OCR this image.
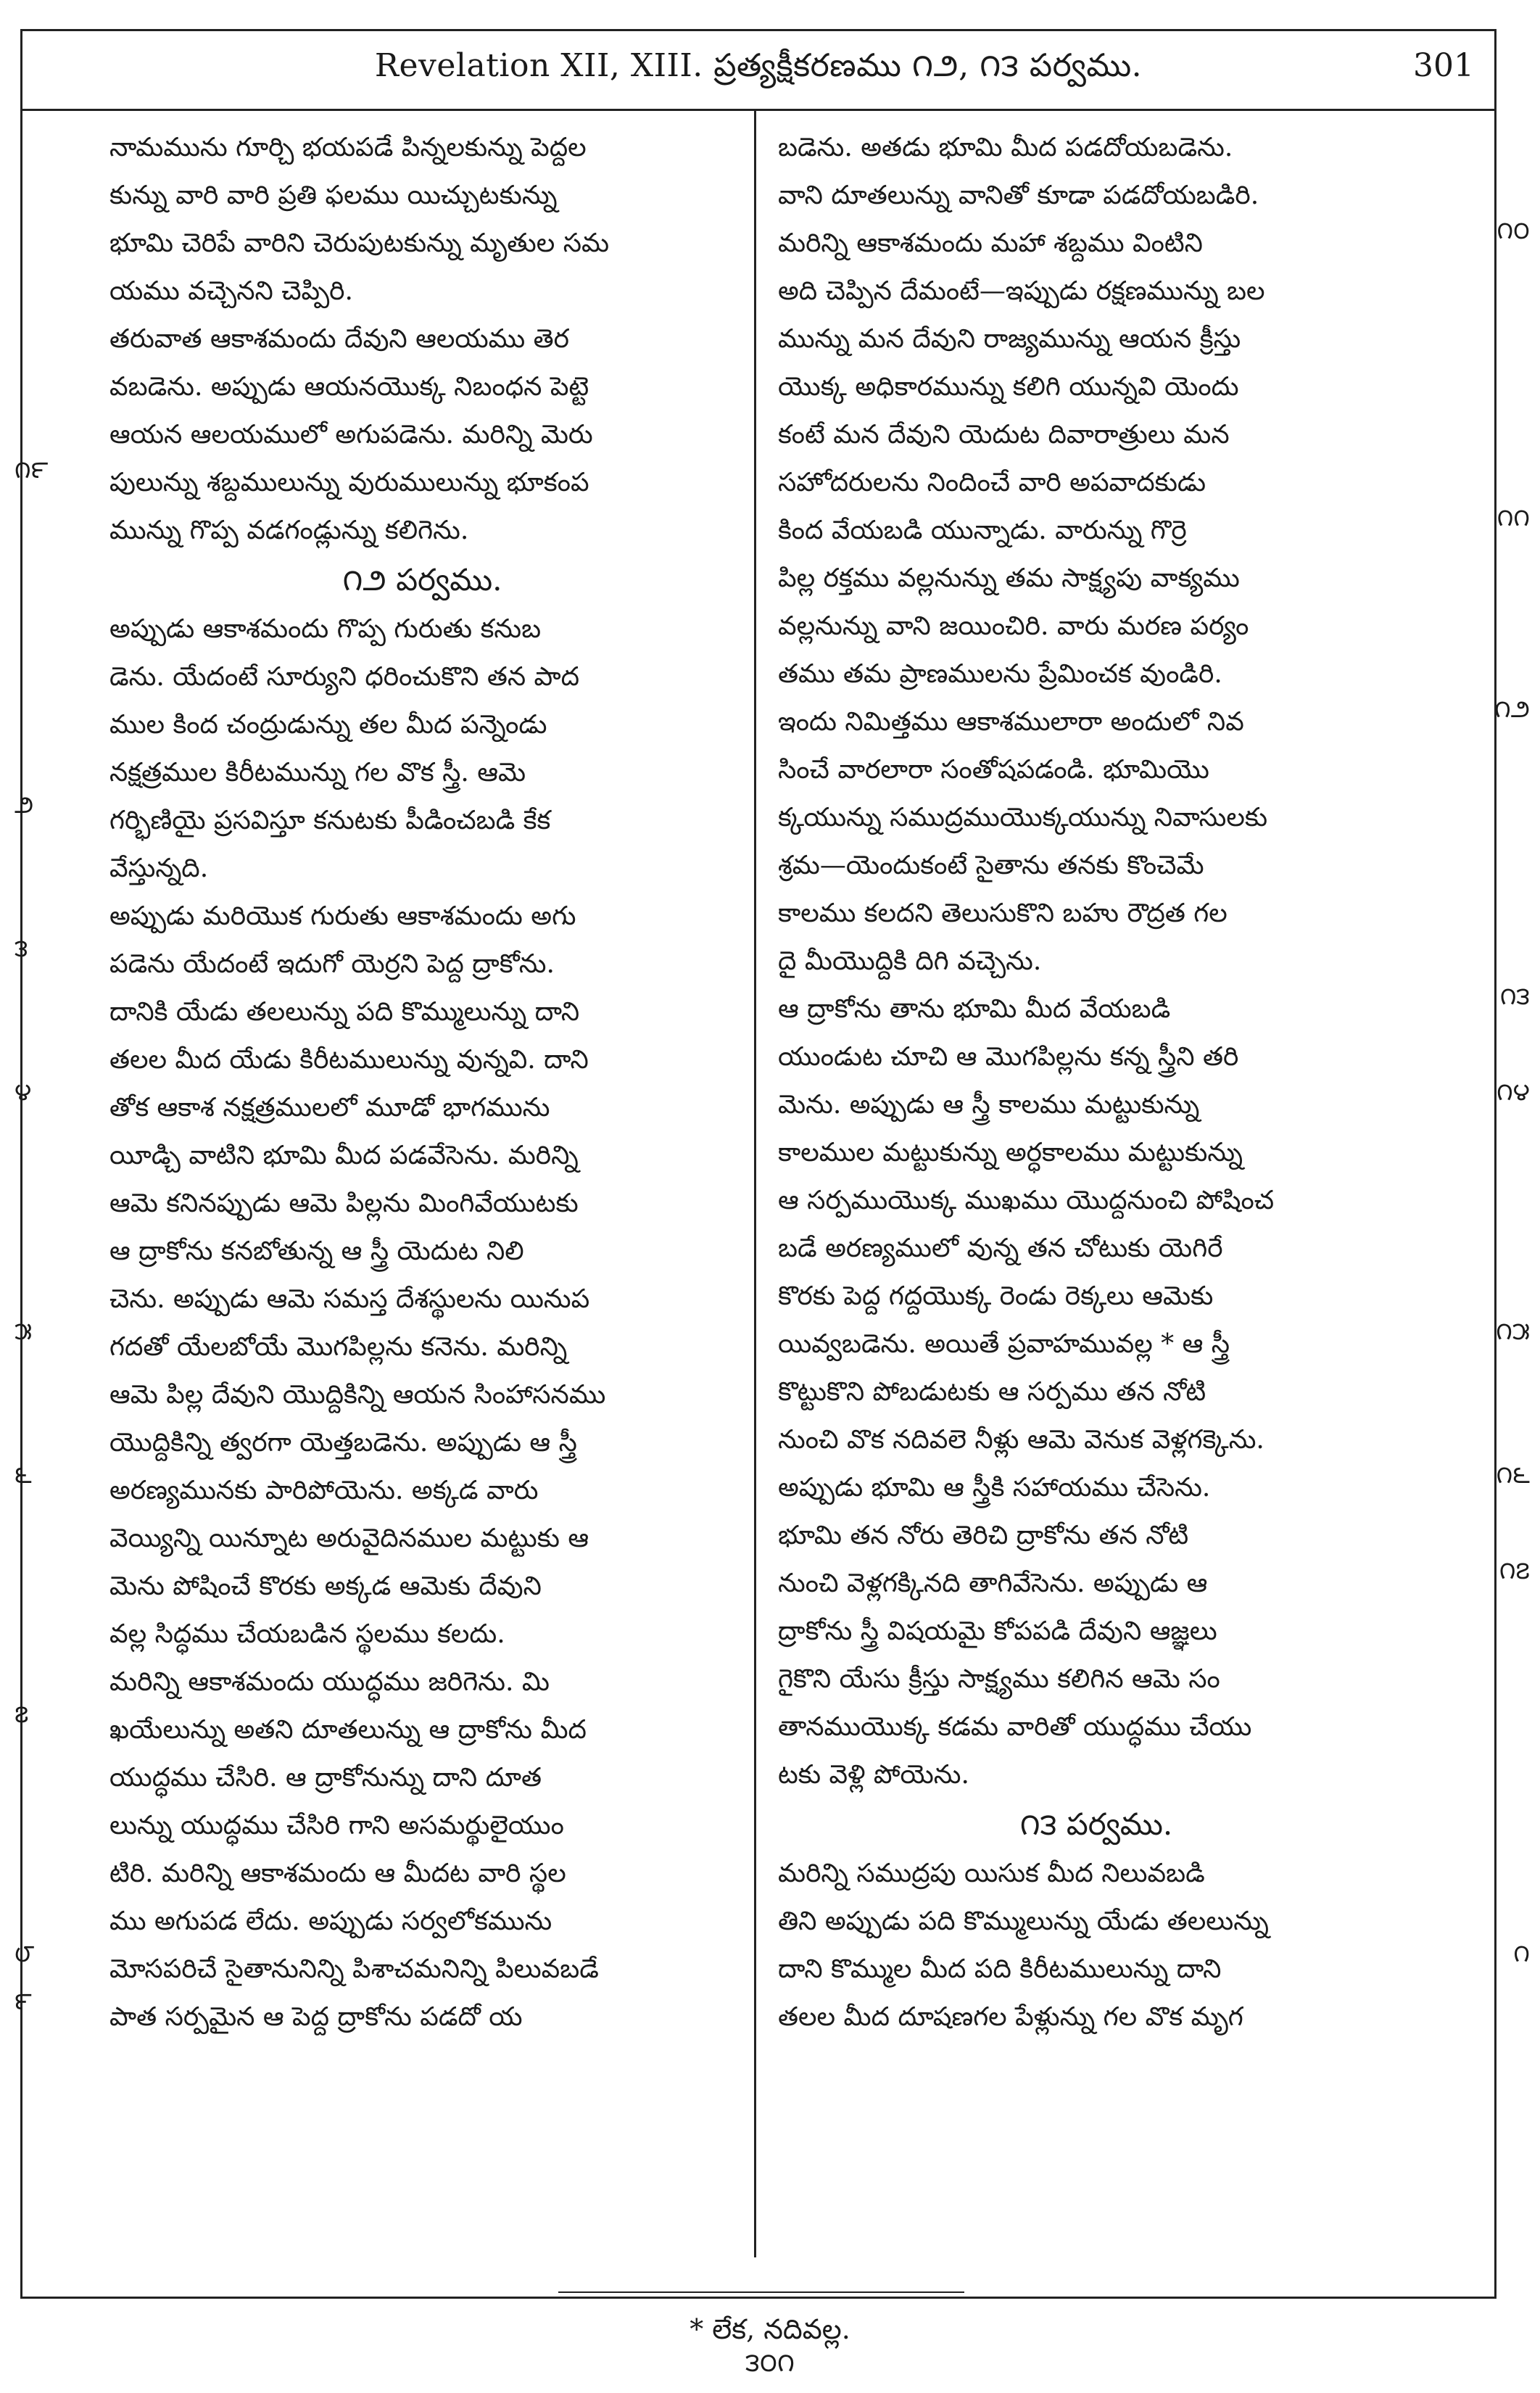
Revelation XII, XIII. ప్రత్యక్షీకరణము ౧౨, ౧౩ పర్వము.	301
నామమును గూర్చి భయపడే పిన్నలకున్ను పెద్దల
కున్ను వారి వారి ప్రతి ఫలము యిచ్చుటకున్ను
భూమి చెరిపే వారిని చెరుపుటకున్ను మృతుల సమ
యము వచ్చెనని చెప్పిరి.
తరువాత ఆకాశమందు దేవుని ఆలయము తెర
వబడెను. అప్పుడు ఆయనయొక్క నిబంధన పెట్టె
ఆయన ఆలయములో అగుపడెను. మరిన్ని మెరు
పులున్ను శబ్దములున్ను వురుములున్ను భూకంప
మున్ను గొప్ప వడగండ్లున్ను కలిగెను.
౧౨ పర్వము.
అప్పుడు ఆకాశమందు గొప్ప గురుతు కనుబ
డెను. యేదంటే సూర్యుని ధరించుకొని తన పాద
ముల కింద చంద్రుడున్ను తల మీద పన్నెండు
నక్షత్రముల కిరీటమున్ను గల వొక స్త్రీ. ఆమె
గర్భిణియై ప్రసవిస్తూ కనుటకు పీడించబడి కేక
వేస్తున్నది.
అప్పుడు మరియొక గురుతు ఆకాశమందు అగు
పడెను యేదంటే ఇదుగో యెర్రని పెద్ద ద్రాకోను.
దానికి యేడు తలలున్ను పది కొమ్ములున్ను దాని
తలల మీద యేడు కిరీటములున్ను వున్నవి. దాని
తోక ఆకాశ నక్షత్రములలో మూడో భాగమును
యీడ్చి వాటిని భూమి మీద పడవేసెను. మరిన్ని
ఆమె కనినప్పుడు ఆమె పిల్లను మింగివేయుటకు
ఆ ద్రాకోను కనబోతున్న ఆ స్త్రీ యెదుట నిలి
చెను. అప్పుడు ఆమె సమస్త దేశస్థులను యినుప
గదతో యేలబోయే మొగపిల్లను కనెను. మరిన్ని
ఆమె పిల్ల దేవుని యొద్దికిన్ని ఆయన సింహాసనము
యొద్దికిన్ని త్వరగా యెత్తబడెను. అప్పుడు ఆ స్త్రీ
అరణ్యమునకు పారిపోయెను. అక్కడ వారు
వెయ్యిన్ని యిన్నూట అరువైదినముల మట్టుకు ఆ
మెను పోషించే కొరకు అక్కడ ఆమెకు దేవుని
వల్ల సిద్ధము చేయబడిన స్థలము కలదు.
మరిన్ని ఆకాశమందు యుద్ధము జరిగెను. మి
ఖయేలున్ను అతని దూతలున్ను ఆ ద్రాకోను మీద
యుద్ధము చేసిరి. ఆ ద్రాకోనున్ను దాని దూత
లున్ను యుద్ధము చేసిరి గాని అసమర్థులైయుం
టిరి. మరిన్ని ఆకాశమందు ఆ మీదట వారి స్థల
ము అగుపడ లేదు. అప్పుడు సర్వలోకమును
మోసపరిచే సైతానునిన్ని పిశాచమనిన్ని పిలువబడే
పాత సర్పమైన ఆ పెద్ద ద్రాకోను పడదో య
బడెను. అతడు భూమి మీద పడదోయబడెను.
వాని దూతలున్ను వానితో కూడా పడదోయబడిరి.
మరిన్ని ఆకాశమందు మహా శబ్దము వింటిని
అది చెప్పిన దేమంటే—ఇప్పుడు రక్షణమున్ను బల
మున్ను మన దేవుని రాజ్యమున్ను ఆయన క్రీస్తు
యొక్క అధికారమున్ను కలిగి యున్నవి యెందు
కంటే మన దేవుని యెదుట దివారాత్రులు మన
సహోదరులను నిందించే వారి అపవాదకుడు
కింద వేయబడి యున్నాడు. వారున్ను గొర్రె
పిల్ల రక్తము వల్లనున్ను తమ సాక్ష్యపు వాక్యము
వల్లనున్ను వాని జయించిరి. వారు మరణ పర్యం
తము తమ ప్రాణములను ప్రేమించక వుండిరి.
ఇందు నిమిత్తము ఆకాశములారా అందులో నివ
సించే వారలారా సంతోషపడండి. భూమియొ
క్కయున్ను సముద్రముయొక్కయున్ను నివాసులకు
శ్రమ—యెందుకంటే సైతాను తనకు కొంచెమే
కాలము కలదని తెలుసుకొని బహు రౌద్రత గల
దై మీయొద్దికి దిగి వచ్చెను.
ఆ ద్రాకోను తాను భూమి మీద వేయబడి
యుండుట చూచి ఆ మొగపిల్లను కన్న స్త్రీని తరి
మెను. అప్పుడు ఆ స్త్రీ కాలము మట్టుకున్ను
కాలముల మట్టుకున్ను అర్ధకాలము మట్టుకున్ను
ఆ సర్పముయొక్క ముఖము యొద్దనుంచి పోషించ
బడే అరణ్యములో వున్న తన చోటుకు యెగిరే
కొరకు పెద్ద గద్దయొక్క రెండు రెక్కలు ఆమెకు
యివ్వబడెను. అయితే ప్రవాహమువల్ల * ఆ స్త్రీ
కొట్టుకొని పోబడుటకు ఆ సర్పము తన నోటి
నుంచి వొక నదివలె నీళ్లు ఆమె వెనుక వెళ్లగక్కెను.
అప్పుడు భూమి ఆ స్త్రీకి సహాయము చేసెను.
భూమి తన నోరు తెరిచి ద్రాకోను తన నోటి
నుంచి వెళ్లగక్కినది తాగివేసెను. అప్పుడు ఆ
ద్రాకోను స్త్రీ విషయమై కోపపడి దేవుని ఆజ్ఞలు
గైకొని యేసు క్రీస్తు సాక్ష్యము కలిగిన ఆమె సం
తానముయొక్క కడమ వారితో యుద్ధము చేయు
టకు వెళ్లి పోయెను.
౧౩ పర్వము.
మరిన్ని సముద్రపు యిసుక మీద నిలువబడి
తిని అప్పుడు పది కొమ్ములున్ను యేడు తలలున్ను
దాని కొమ్ముల మీద పది కిరీటములున్ను దాని
తలల మీద దూషణగల పేళ్లున్ను గల వొక మృగ
౧౯
౨
౩
౪
౫
౬
౭
౮
౯
౧౦
౧౧
౧౨
౧౩
౧౪
౧౫
౧౬
౧౭
౧
* లేక, నదివల్ల.
౩౦౧
